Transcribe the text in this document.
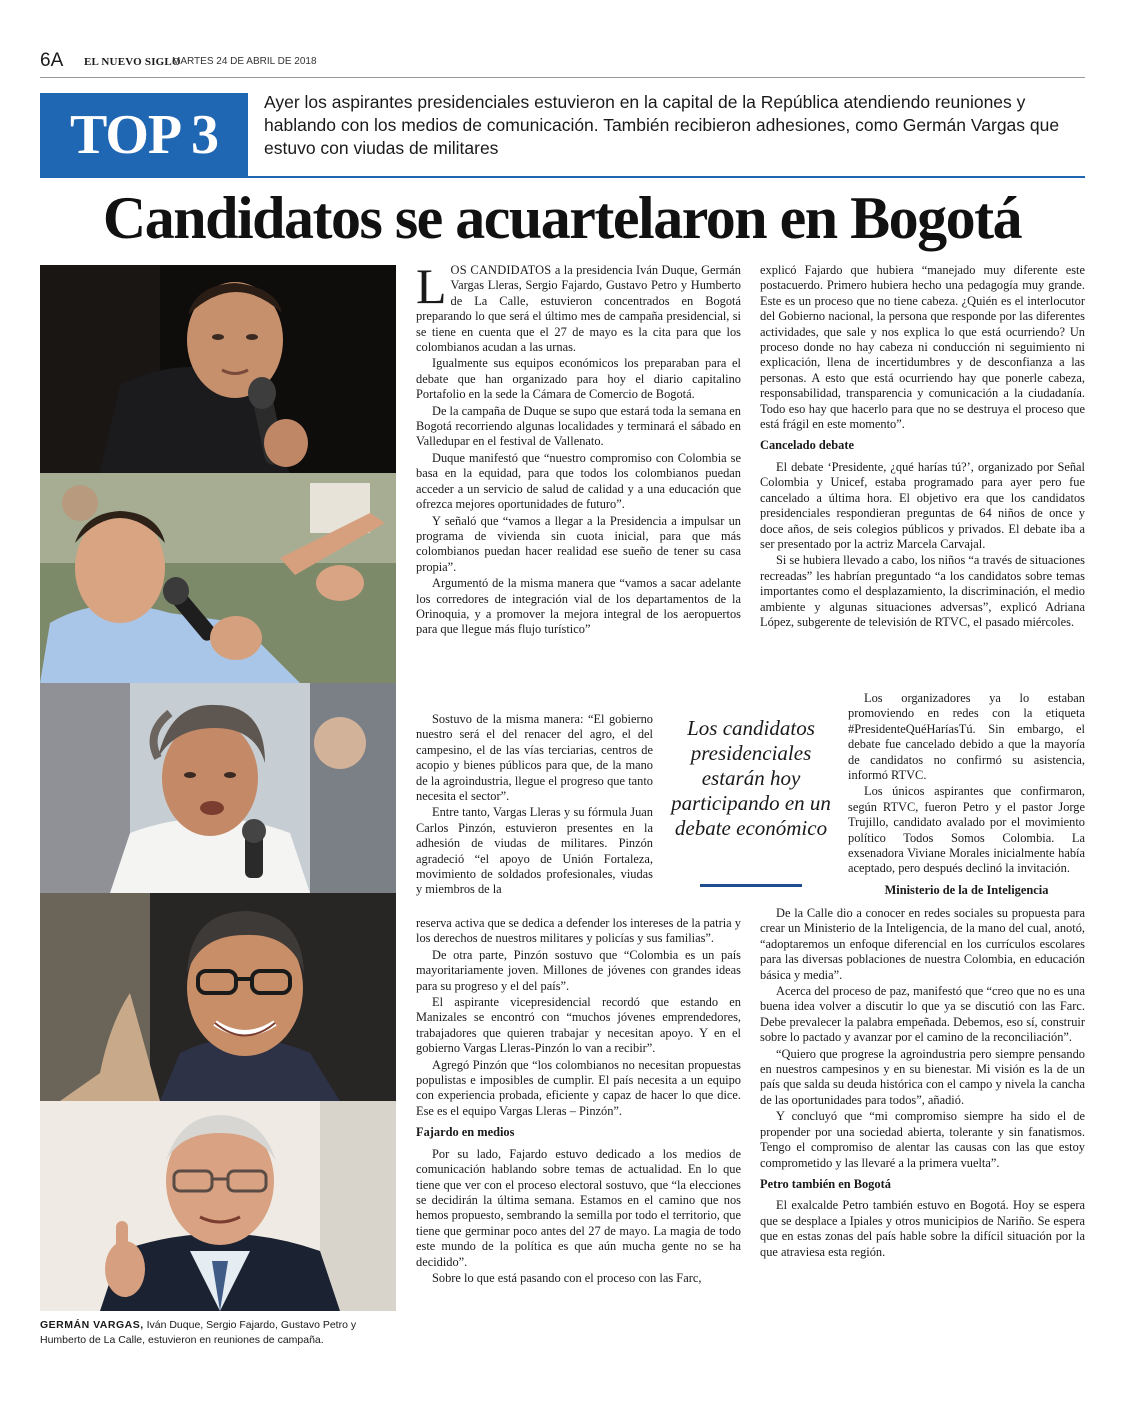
6A EL NUEVO SIGLO
MARTES 24 DE ABRIL DE 2018
TOP 3
Ayer los aspirantes presidenciales estuvieron en la capital de la República atendiendo reuniones y hablando con los medios de comunicación. También recibieron adhesiones, como Germán Vargas que estuvo con viudas de militares
Candidatos se acuartelaron en Bogotá
GERMÁN VARGAS, Iván Duque, Sergio Fajardo, Gustavo Petro y Humberto de La Calle, estuvieron en reuniones de campaña.

LOS CANDIDATOS a la presidencia Iván Duque, Germán Vargas Lleras, Sergio Fajardo, Gustavo Petro y Humberto de La Calle, estuvieron concentrados en Bogotá preparando lo que será el último mes de campaña presidencial, si se tiene en cuenta que el 27 de mayo es la cita para que los colombianos acudan a las urnas.

Igualmente sus equipos económicos los preparaban para el debate que han organizado para hoy el diario capitalino Portafolio en la sede la Cámara de Comercio de Bogotá.

De la campaña de Duque se supo que estará toda la semana en Bogotá recorriendo algunas localidades y terminará el sábado en Valledupar en el festival de Vallenato.

Duque manifestó que “nuestro compromiso con Colombia se basa en la equidad, para que todos los colombianos puedan acceder a un servicio de salud de calidad y a una educación que ofrezca mejores oportunidades de futuro”.

Y señaló que “vamos a llegar a la Presidencia a impulsar un programa de vivienda sin cuota inicial, para que más colombianos puedan hacer realidad ese sueño de tener su casa propia”.

Argumentó de la misma manera que “vamos a sacar adelante los corredores de integración vial de los departamentos de la Orinoquia, y a promover la mejora integral de los aeropuertos para que llegue más flujo turístico”

Sostuvo de la misma manera: “El gobierno nuestro será el del renacer del agro, el del campesino, el de las vías terciarias, centros de acopio y bienes públicos para que, de la mano de la agroindustria, llegue el progreso que tanto necesita el sector”.

Entre tanto, Vargas Lleras y su fórmula Juan Carlos Pinzón, estuvieron presentes en la adhesión de viudas de militares. Pinzón agradeció “el apoyo de Unión Fortaleza, movimiento de soldados profesionales, viudas y miembros de la

reserva activa que se dedica a defender los intereses de la patria y los derechos de nuestros militares y policías y sus familias”.

De otra parte, Pinzón sostuvo que “Colombia es un país mayoritariamente joven. Millones de jóvenes con grandes ideas para su progreso y el del país”.

El aspirante vicepresidencial recordó que estando en Manizales se encontró con “muchos jóvenes emprendedores, trabajadores que quieren trabajar y necesitan apoyo. Y en el gobierno Vargas Lleras-Pinzón lo van a recibir”.

Agregó Pinzón que “los colombianos no necesitan propuestas populistas e imposibles de cumplir. El país necesita a un equipo con experiencia probada, eficiente y capaz de hacer lo que dice. Ese es el equipo Vargas Lleras – Pinzón”.

Fajardo en medios

Por su lado, Fajardo estuvo dedicado a los medios de comunicación hablando sobre temas de actualidad. En lo que tiene que ver con el proceso electoral sostuvo, que “la elecciones se decidirán la última semana. Estamos en el camino que nos hemos propuesto, sembrando la semilla por todo el territorio, que tiene que germinar poco antes del 27 de mayo. La magia de todo este mundo de la política es que aún mucha gente no se ha decidido”.

Sobre lo que está pasando con el proceso con las Farc,

Los candidatos presidenciales estarán hoy participando en un debate económico

explicó Fajardo que hubiera “manejado muy diferente este postacuerdo. Primero hubiera hecho una pedagogía muy grande. Este es un proceso que no tiene cabeza. ¿Quién es el interlocutor del Gobierno nacional, la persona que responde por las diferentes actividades, que sale y nos explica lo que está ocurriendo? Un proceso donde no hay cabeza ni conducción ni seguimiento ni explicación, llena de incertidumbres y de desconfianza a las personas. A esto que está ocurriendo hay que ponerle cabeza, responsabilidad, transparencia y comunicación a la ciudadanía. Todo eso hay que hacerlo para que no se destruya el proceso que está frágil en este momento”.

Cancelado debate

El debate ‘Presidente, ¿qué harías tú?’, organizado por Señal Colombia y Unicef, estaba programado para ayer pero fue cancelado a última hora. El objetivo era que los candidatos presidenciales respondieran preguntas de 64 niños de once y doce años, de seis colegios públicos y privados. El debate iba a ser presentado por la actriz Marcela Carvajal.

Si se hubiera llevado a cabo, los niños “a través de situaciones recreadas” les habrían preguntado “a los candidatos sobre temas importantes como el desplazamiento, la discriminación, el medio ambiente y algunas situaciones adversas”, explicó Adriana López, subgerente de televisión de RTVC, el pasado miércoles.

Los organizadores ya lo estaban promoviendo en redes con la etiqueta #PresidenteQuéHaríasTú. Sin embargo, el debate fue cancelado debido a que la mayoría de candidatos no confirmó su asistencia, informó RTVC.

Los únicos aspirantes que confirmaron, según RTVC, fueron Petro y el pastor Jorge Trujillo, candidato avalado por el movimiento político Todos Somos Colombia. La exsenadora Viviane Morales inicialmente había aceptado, pero después declinó la invitación.

Ministerio de la de Inteligencia

De la Calle dio a conocer en redes sociales su propuesta para crear un Ministerio de la Inteligencia, de la mano del cual, anotó, “adoptaremos un enfoque diferencial en los currículos escolares para las diversas poblaciones de nuestra Colombia, en educación básica y media”.

Acerca del proceso de paz, manifestó que “creo que no es una buena idea volver a discutir lo que ya se discutió con las Farc. Debe prevalecer la palabra empeñada. Debemos, eso sí, construir sobre lo pactado y avanzar por el camino de la reconciliación”.

“Quiero que progrese la agroindustria pero siempre pensando en nuestros campesinos y en su bienestar. Mi visión es la de un país que salda su deuda histórica con el campo y nivela la cancha de las oportunidades para todos”, añadió.

Y concluyó que “mi compromiso siempre ha sido el de propender por una sociedad abierta, tolerante y sin fanatismos. Tengo el compromiso de alentar las causas con las que estoy comprometido y las llevaré a la primera vuelta”.

Petro también en Bogotá

El exalcalde Petro también estuvo en Bogotá. Hoy se espera que se desplace a Ipiales y otros municipios de Nariño. Se espera que en estas zonas del país hable sobre la difícil situación por la que atraviesa esta región.
